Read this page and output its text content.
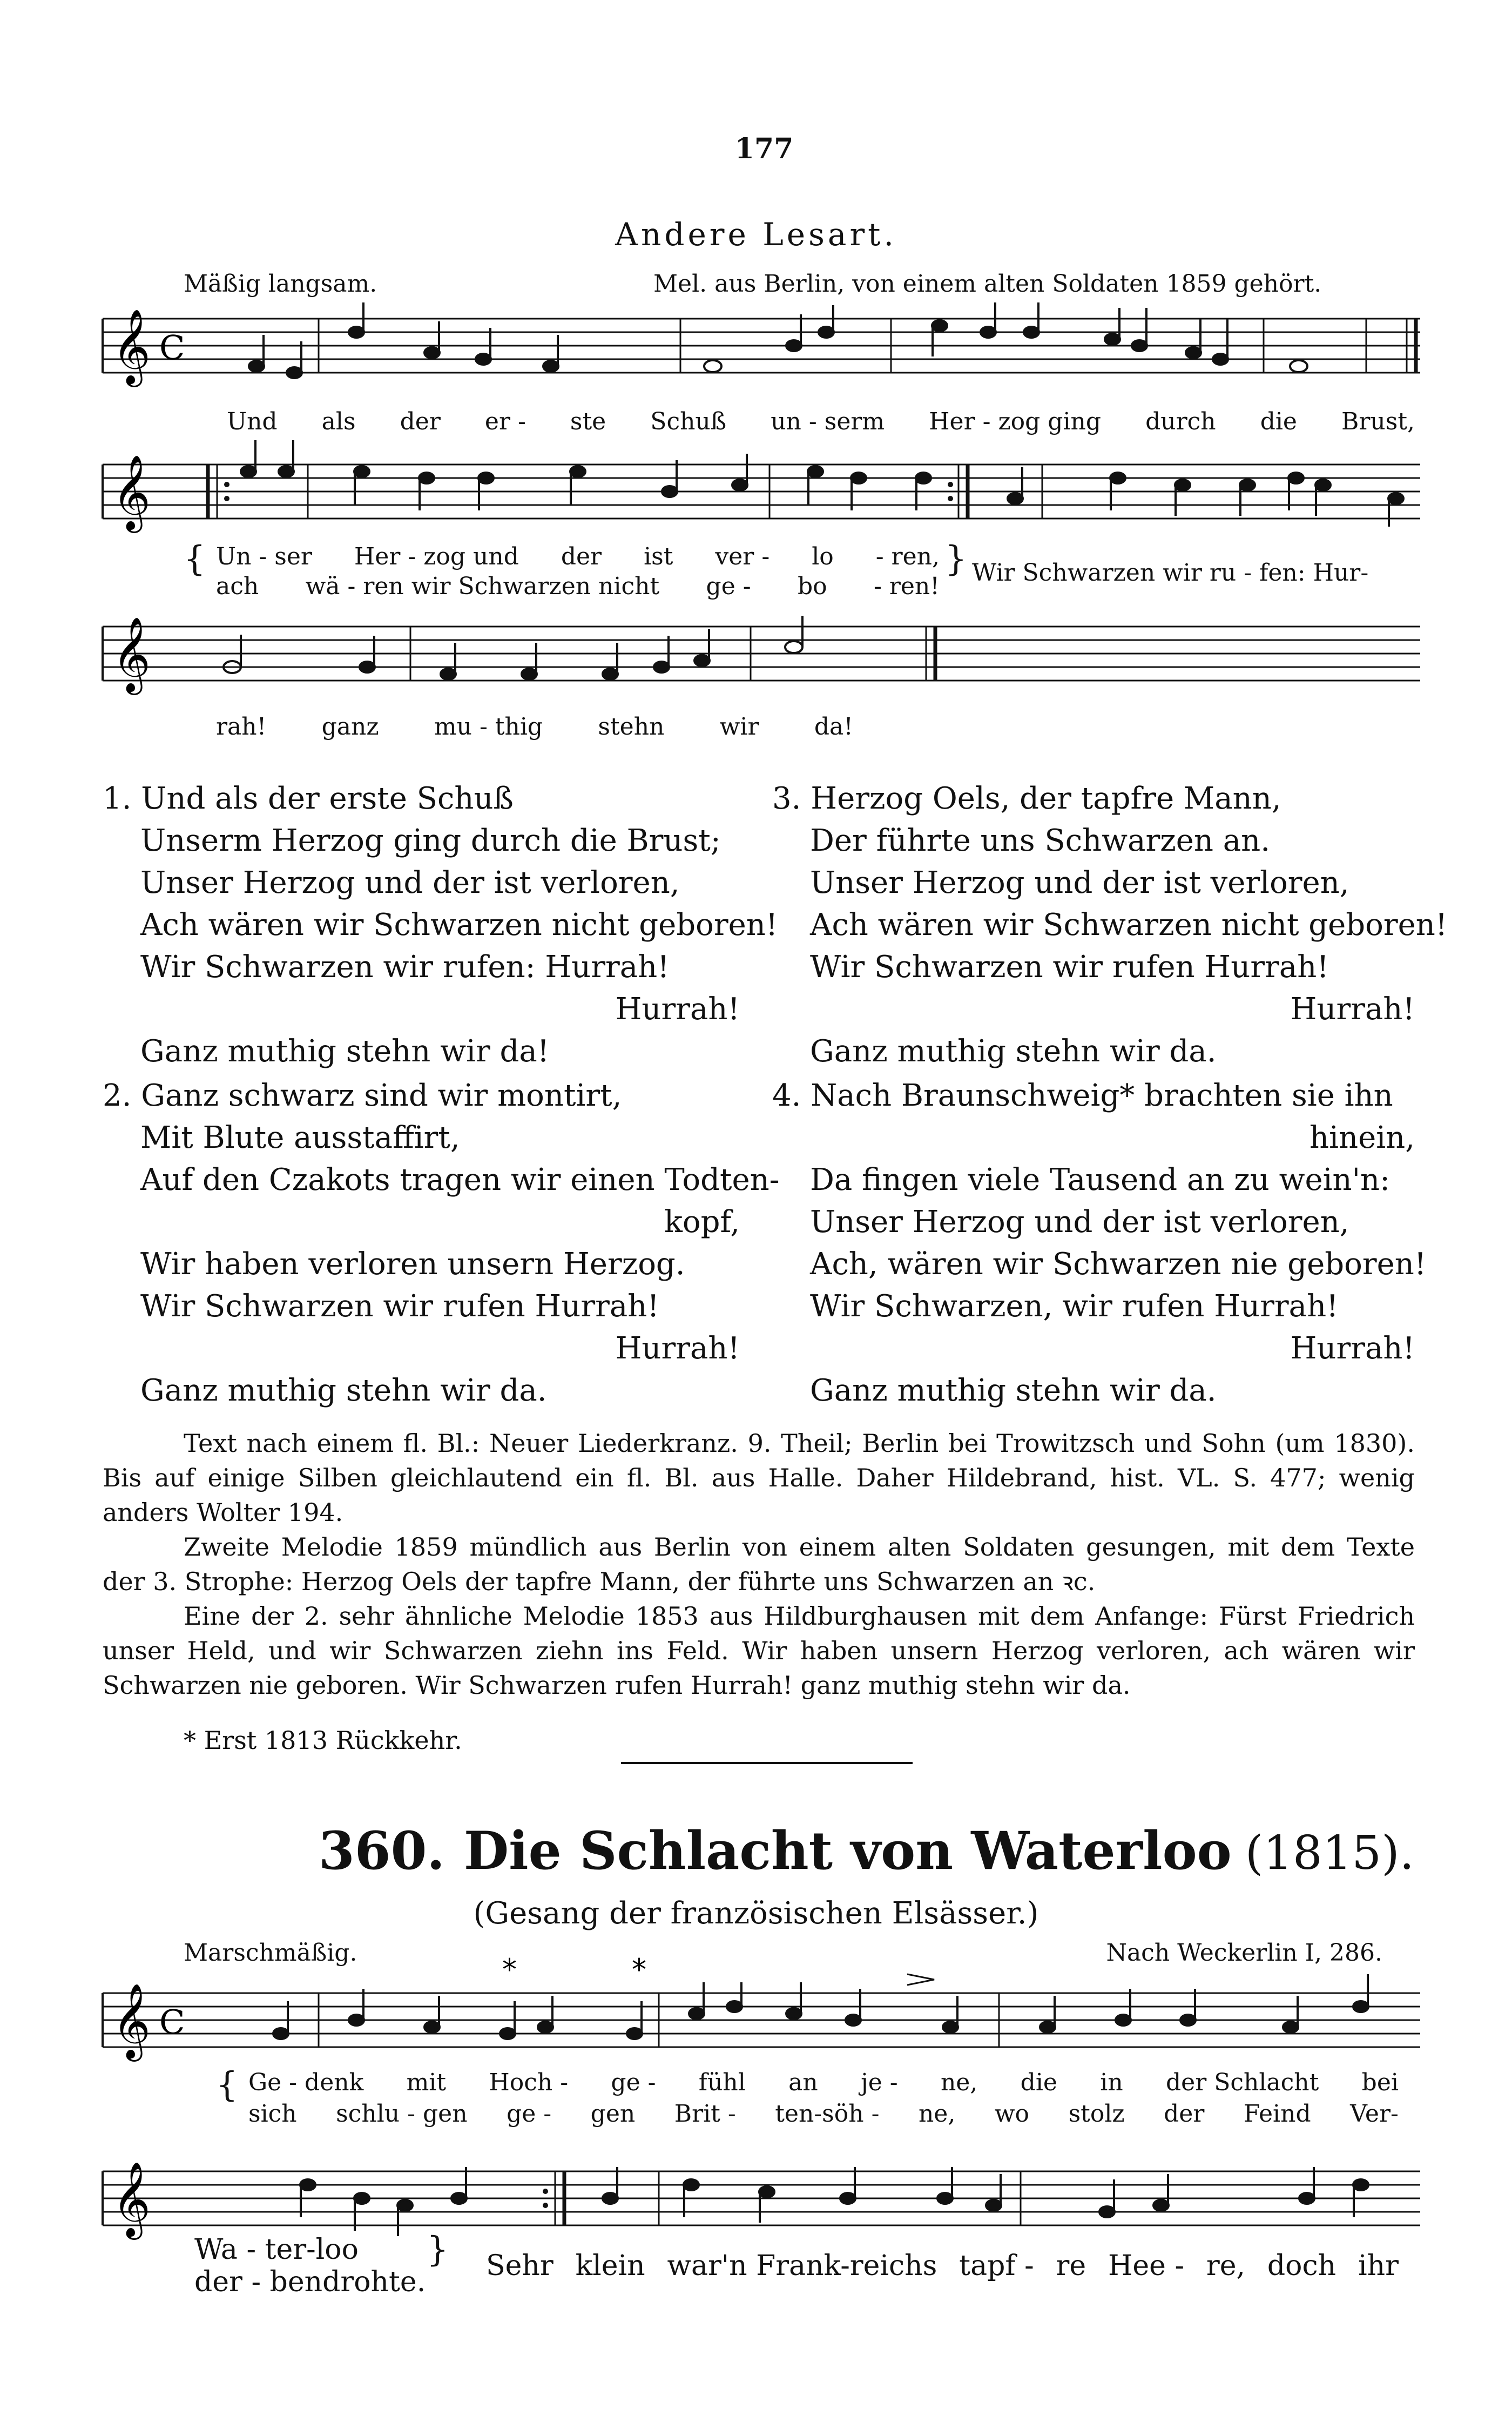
177
Andere Lesart.
Mäßig langsam.	Mel. aus Berlin, von einem alten Soldaten 1859 gehört.
𝄞 C
Und als der er - ste Schuß un - serm Her - zog ging durch die Brust,
𝄞
{ Un - ser Her - zog und der ist ver - lo - ren,
ach wä - ren wir Schwarzen nicht ge - bo - ren!
} Wir Schwarzen wir ru - fen: Hur-
𝄞
rah! ganz mu - thig stehn wir da!
1. Und als der erste Schuß
Unserm Herzog ging durch die Brust;
Unser Herzog und der ist verloren,
Ach wären wir Schwarzen nicht geboren!
Wir Schwarzen wir rufen: Hurrah!
Hurrah!
Ganz muthig stehn wir da!
2. Ganz schwarz sind wir montirt,
Mit Blute ausstaffirt,
Auf den Czakots tragen wir einen Todten-
kopf,
Wir haben verloren unsern Herzog.
Wir Schwarzen wir rufen Hurrah!
Hurrah!
Ganz muthig stehn wir da.
3. Herzog Oels, der tapfre Mann,
Der führte uns Schwarzen an.
Unser Herzog und der ist verloren,
Ach wären wir Schwarzen nicht geboren!
Wir Schwarzen wir rufen Hurrah!
Hurrah!
Ganz muthig stehn wir da.
4. Nach Braunschweig* brachten sie ihn
hinein,
Da fingen viele Tausend an zu wein'n:
Unser Herzog und der ist verloren,
Ach, wären wir Schwarzen nie geboren!
Wir Schwarzen, wir rufen Hurrah!
Hurrah!
Ganz muthig stehn wir da.
Text nach einem fl. Bl.: Neuer Liederkranz. 9. Theil; Berlin bei Trowitzsch und Sohn (um 1830). Bis auf einige Silben gleichlautend ein fl. Bl. aus Halle. Daher Hildebrand, hist. VL. S. 477; wenig anders Wolter 194.
Zweite Melodie 1859 mündlich aus Berlin von einem alten Soldaten gesungen, mit dem Texte der 3. Strophe: Herzog Oels der tapfre Mann, der führte uns Schwarzen an ꝛc.
Eine der 2. sehr ähnliche Melodie 1853 aus Hildburghausen mit dem Anfange: Fürst Friedrich unser Held, und wir Schwarzen ziehn ins Feld. Wir haben unsern Herzog verloren, ach wären wir Schwarzen nie geboren. Wir Schwarzen rufen Hurrah! ganz muthig stehn wir da.
* Erst 1813 Rückkehr.
360. Die Schlacht von Waterloo (1815).
(Gesang der französischen Elsässer.)
Marschmäßig.	Nach Weckerlin I, 286.
𝄞 C
*	*
{ Ge - denk mit Hoch - ge - fühl an je - ne, die in der Schlacht bei
sich schlu - gen ge - gen Brit - ten-söh - ne, wo stolz der Feind Ver-
𝄞
Wa - ter-loo
der - bendrohte.
} Sehr klein war'n Frank-reichs tapf - re Hee - re, doch ihr
